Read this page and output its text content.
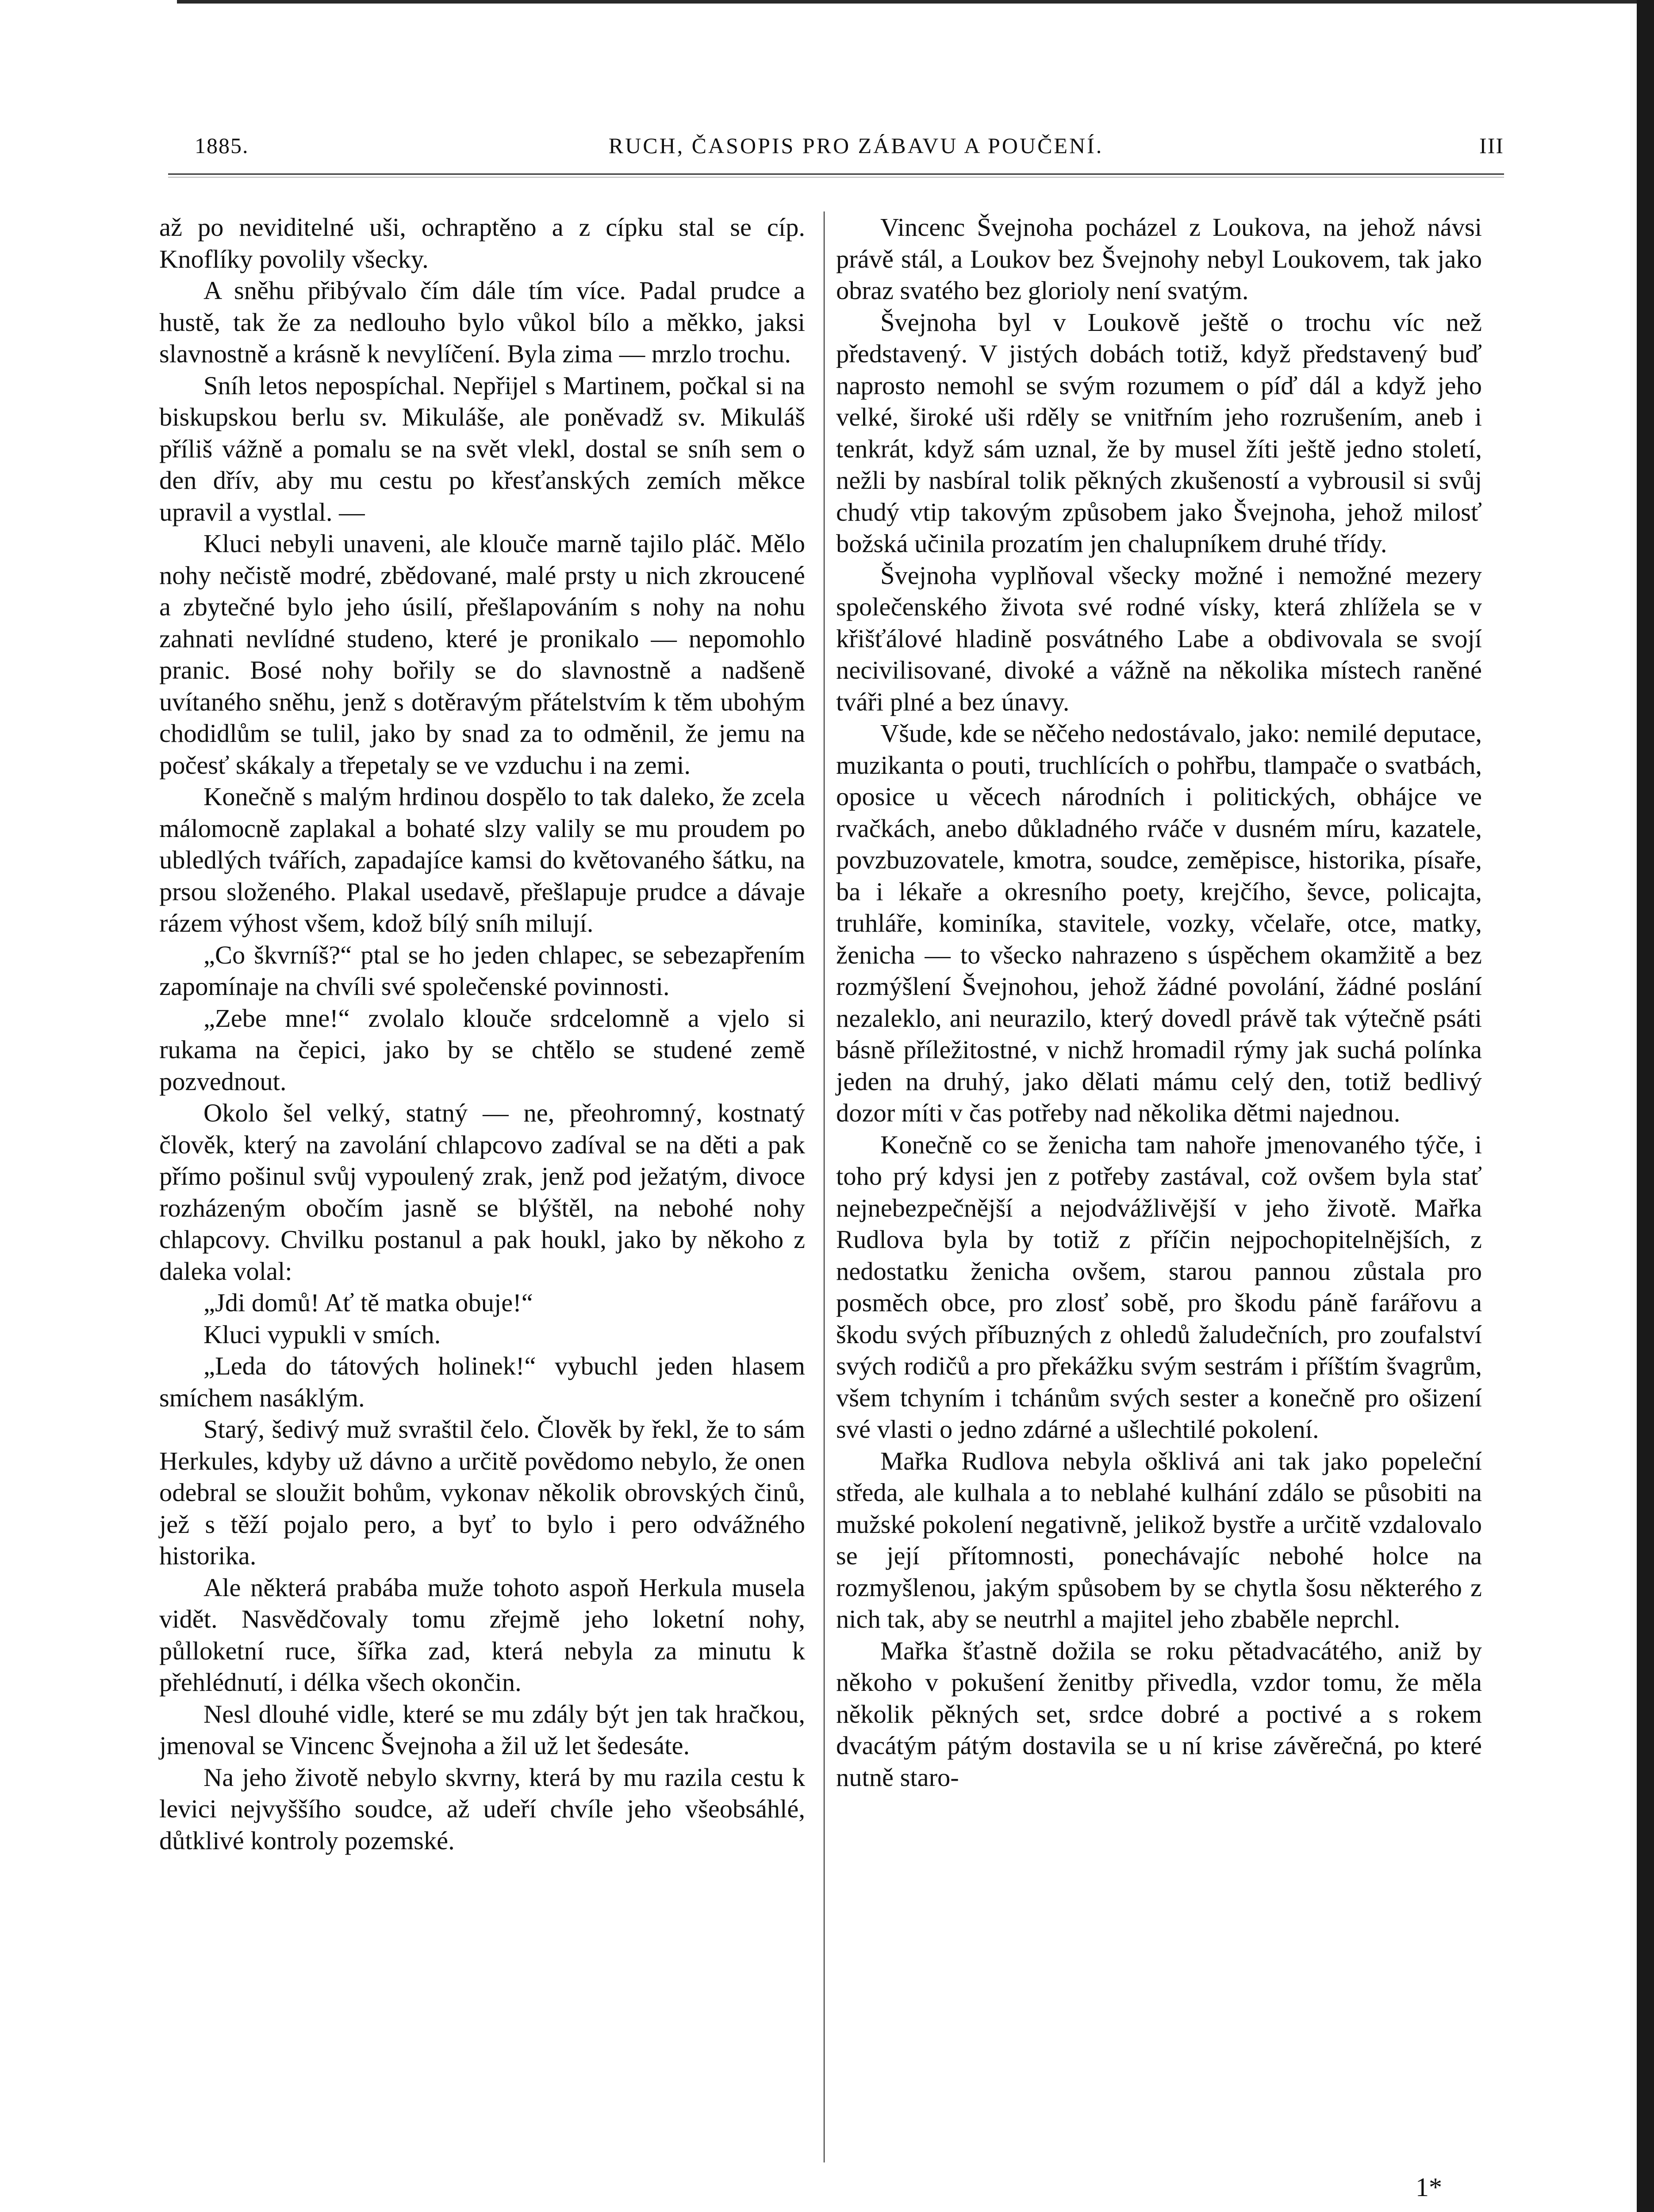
1885.	RUCH, ČASOPIS PRO ZÁBAVU A POUČENÍ.	III

až po neviditelné uši, ochraptěno a z cípku stal se cíp. Knoflíky povolily všecky.

A sněhu přibývalo čím dále tím více. Padal prudce a hustě, tak že za nedlouho bylo vůkol bílo a měkko, jaksi slavnostně a krásně k nevylíčení. Byla zima — mrzlo trochu.

Sníh letos nepospíchal. Nepřijel s Martinem, počkal si na biskupskou berlu sv. Mikuláše, ale poněvadž sv. Mikuláš příliš vážně a pomalu se na svět vlekl, dostal se sníh sem o den dřív, aby mu cestu po křesťanských zemích měkce upravil a vystlal. —

Kluci nebyli unaveni, ale klouče marně tajilo pláč. Mělo nohy nečistě modré, zbědované, malé prsty u nich zkroucené a zbytečné bylo jeho úsilí, přešlapováním s nohy na nohu zahnati nevlídné studeno, které je pronikalo — nepomohlo pranic. Bosé nohy bořily se do slavnostně a nadšeně uvítaného sněhu, jenž s dotěravým přátelstvím k těm ubohým chodidlům se tulil, jako by snad za to odměnil, že jemu na počesť skákaly a třepetaly se ve vzduchu i na zemi.

Konečně s malým hrdinou dospělo to tak daleko, že zcela málomocně zaplakal a bohaté slzy valily se mu proudem po ubledlých tvářích, zapadajíce kamsi do květovaného šátku, na prsou složeného. Plakal usedavě, přešlapuje prudce a dávaje rázem výhost všem, kdož bílý sníh milují.

„Co škvrníš?“ ptal se ho jeden chlapec, se sebezapřením zapomínaje na chvíli své společenské povinnosti.

„Zebe mne!“ zvolalo klouče srdcelomně a vjelo si rukama na čepici, jako by se chtělo se studené země pozvednout.

Okolo šel velký, statný — ne, přeohromný, kostnatý člověk, který na zavolání chlapcovo zadíval se na děti a pak přímo pošinul svůj vypoulený zrak, jenž pod ježatým, divoce rozházeným obočím jasně se blýštěl, na nebohé nohy chlapcovy. Chvilku postanul a pak houkl, jako by někoho z daleka volal:

„Jdi domů! Ať tě matka obuje!“

Kluci vypukli v smích.

„Leda do tátových holinek!“ vybuchl jeden hlasem smíchem nasáklým.

Starý, šedivý muž svraštil čelo. Člověk by řekl, že to sám Herkules, kdyby už dávno a určitě povědomo nebylo, že onen odebral se sloužit bohům, vykonav několik obrovských činů, jež s těží pojalo pero, a byť to bylo i pero odvážného historika.

Ale některá prabába muže tohoto aspoň Herkula musela vidět. Nasvědčovaly tomu zřejmě jeho loketní nohy, půlloketní ruce, šířka zad, která nebyla za minutu k přehlédnutí, i délka všech okončin.

Nesl dlouhé vidle, které se mu zdály být jen tak hračkou, jmenoval se Vincenc Švejnoha a žil už let šedesáte.

Na jeho životě nebylo skvrny, která by mu razila cestu k levici nejvyššího soudce, až udeří chvíle jeho všeobsáhlé, důtklivé kontroly pozemské.

Vincenc Švejnoha pocházel z Loukova, na jehož návsi právě stál, a Loukov bez Švejnohy nebyl Loukovem, tak jako obraz svatého bez glorioly není svatým.

Švejnoha byl v Loukově ještě o trochu víc než představený. V jistých dobách totiž, když představený buď naprosto nemohl se svým rozumem o píď dál a když jeho velké, široké uši rděly se vnitřním jeho rozrušením, aneb i tenkrát, když sám uznal, že by musel žíti ještě jedno století, nežli by nasbíral tolik pěkných zkušeností a vybrousil si svůj chudý vtip takovým způsobem jako Švejnoha, jehož milosť božská učinila prozatím jen chalupníkem druhé třídy.

Švejnoha vyplňoval všecky možné i nemožné mezery společenského života své rodné vísky, která zhlížela se v křišťálové hladině posvátného Labe a obdivovala se svojí necivilisované, divoké a vážně na několika místech raněné tváři plné a bez únavy.

Všude, kde se něčeho nedostávalo, jako: nemilé deputace, muzikanta o pouti, truchlících o pohřbu, tlampače o svatbách, oposice u věcech národních i politických, obhájce ve rvačkách, anebo důkladného rváče v dusném míru, kazatele, povzbuzovatele, kmotra, soudce, zeměpisce, historika, písaře, ba i lékaře a okresního poety, krejčího, ševce, policajta, truhláře, kominíka, stavitele, vozky, včelaře, otce, matky, ženicha — to všecko nahrazeno s úspěchem okamžitě a bez rozmýšlení Švejnohou, jehož žádné povolání, žádné poslání nezaleklo, ani neurazilo, který dovedl právě tak výtečně psáti básně příležitostné, v nichž hromadil rýmy jak suchá polínka jeden na druhý, jako dělati mámu celý den, totiž bedlivý dozor míti v čas potřeby nad několika dětmi najednou.

Konečně co se ženicha tam nahoře jmenovaného týče, i toho prý kdysi jen z potřeby zastával, což ovšem byla stať nejnebezpečnější a nejodvážlivější v jeho životě. Mařka Rudlova byla by totiž z příčin nejpochopitelnějších, z nedostatku ženicha ovšem, starou pannou zůstala pro posměch obce, pro zlosť sobě, pro škodu páně farářovu a škodu svých příbuzných z ohledů žaludečních, pro zoufalství svých rodičů a pro překážku svým sestrám i příštím švagrům, všem tchyním i tchánům svých sester a konečně pro ošizení své vlasti o jedno zdárné a ušlechtilé pokolení.

Mařka Rudlova nebyla ošklivá ani tak jako popeleční středa, ale kulhala a to neblahé kulhání zdálo se působiti na mužské pokolení negativně, jelikož bystře a určitě vzdalovalo se její přítomnosti, ponechávajíc nebohé holce na rozmyšlenou, jakým spůsobem by se chytla šosu některého z nich tak, aby se neutrhl a majitel jeho zbaběle neprchl.

Mařka šťastně dožila se roku pětadvacátého, aniž by někoho v pokušení ženitby přivedla, vzdor tomu, že měla několik pěkných set, srdce dobré a poctivé a s rokem dvacátým pátým dostavila se u ní krise závěrečná, po které nutně staro-

1*
